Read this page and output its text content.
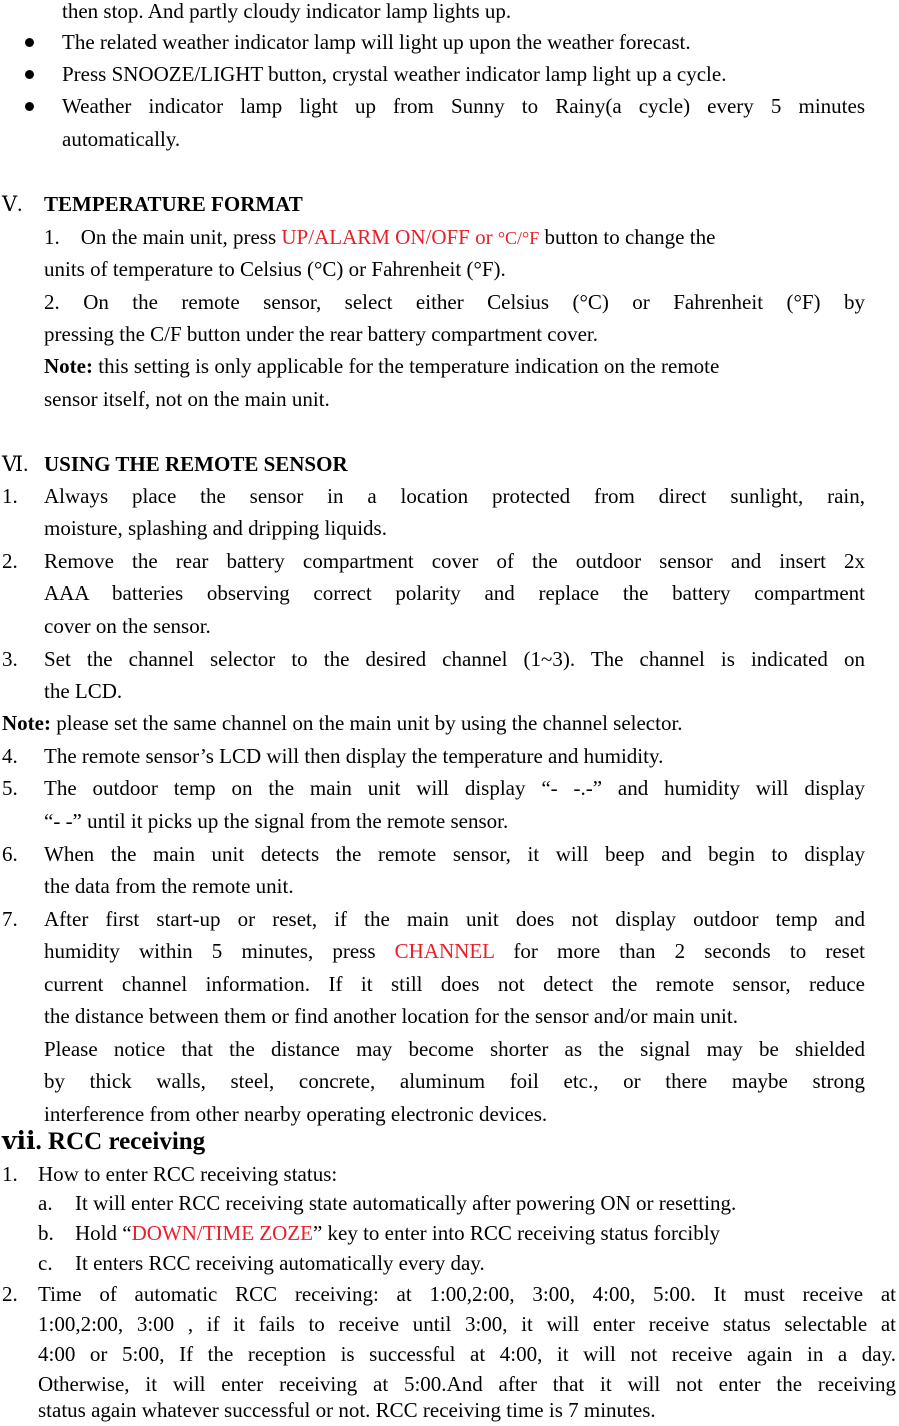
then stop. And partly cloudy indicator lamp lights up.
The related weather indicator lamp will light up upon the weather forecast.
Press SNOOZE/LIGHT button, crystal weather indicator lamp light up a cycle.
Weather indicator lamp light up from Sunny to Rainy(a cycle) every 5 minutes
automatically.
Ⅴ. TEMPERATURE FORMAT
1. On the main unit, press UP/ALARM ON/OFF or °C/°F button to change the
units of temperature to Celsius (°C) or Fahrenheit (°F).
2. On the remote sensor, select either Celsius (°C) or Fahrenheit (°F) by
pressing the C/F button under the rear battery compartment cover.
Note: this setting is only applicable for the temperature indication on the remote
sensor itself, not on the main unit.
Ⅵ. USING THE REMOTE SENSOR
1. Always place the sensor in a location protected from direct sunlight, rain,
moisture, splashing and dripping liquids.
2. Remove the rear battery compartment cover of the outdoor sensor and insert 2x
AAA batteries observing correct polarity and replace the battery compartment
cover on the sensor.
3. Set the channel selector to the desired channel (1~3). The channel is indicated on
the LCD.
Note: please set the same channel on the main unit by using the channel selector.
4. The remote sensor’s LCD will then display the temperature and humidity.
5. The outdoor temp on the main unit will display “- -.-” and humidity will display
“- -” until it picks up the signal from the remote sensor.
6. When the main unit detects the remote sensor, it will beep and begin to display
the data from the remote unit.
7. After first start-up or reset, if the main unit does not display outdoor temp and
humidity within 5 minutes, press CHANNEL for more than 2 seconds to reset
current channel information. If it still does not detect the remote sensor, reduce
the distance between them or find another location for the sensor and/or main unit.
Please notice that the distance may become shorter as the signal may be shielded
by thick walls, steel, concrete, aluminum foil etc., or there maybe strong
interference from other nearby operating electronic devices.
ⅶ. RCC receiving
1. How to enter RCC receiving status:
a. It will enter RCC receiving state automatically after powering ON or resetting.
b. Hold “DOWN/TIME ZOZE” key to enter into RCC receiving status forcibly
c. It enters RCC receiving automatically every day.
2. Time of automatic RCC receiving: at 1:00,2:00, 3:00, 4:00, 5:00. It must receive at
1:00,2:00, 3:00 , if it fails to receive until 3:00, it will enter receive status selectable at
4:00 or 5:00, If the reception is successful at 4:00, it will not receive again in a day.
Otherwise, it will enter receiving at 5:00.And after that it will not enter the receiving
status again whatever successful or not. RCC receiving time is 7 minutes.
